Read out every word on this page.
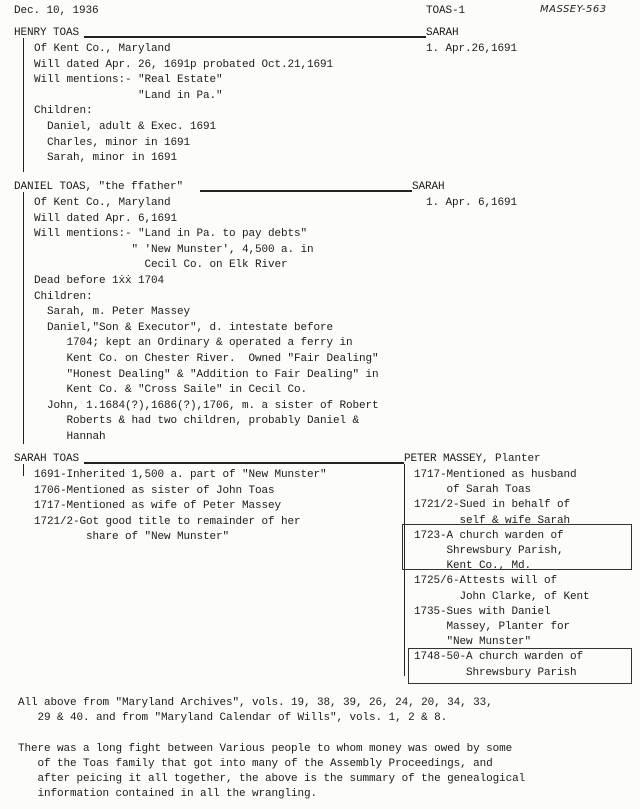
Dec. 10, 1936	TOAS-1	MASSEY-563
HENRY TOAS	SARAH
1. Apr.26,1691
Of Kent Co., Maryland
Will dated Apr. 26, 1691p probated Oct.21,1691
Will mentions:- "Real Estate"
"Land in Pa."
Children:
Daniel, adult & Exec. 1691
Charles, minor in 1691
Sarah, minor in 1691
DANIEL TOAS, "the ffather"	SARAH
1. Apr. 6,1691
Of Kent Co., Maryland
Will dated Apr. 6,1691
Will mentions:- "Land in Pa. to pay debts"
" 'New Munster', 4,500 a. in
Cecil Co. on Elk River
Dead before 1ẋẋ 1704
Children:
Sarah, m. Peter Massey
Daniel,"Son & Executor", d. intestate before
1704; kept an Ordinary & operated a ferry in
Kent Co. on Chester River.  Owned "Fair Dealing"
"Honest Dealing" & "Addition to Fair Dealing" in
Kent Co. & "Cross Saile" in Cecil Co.
John, 1.1684(?),1686(?),1706, m. a sister of Robert
Roberts & had two children, probably Daniel &
Hannah
SARAH TOAS	PETER MASSEY, Planter
1691-Inherited 1,500 a. part of "New Munster"
1706-Mentioned as sister of John Toas
1717-Mentioned as wife of Peter Massey
1721/2-Got good title to remainder of her
share of "New Munster"
1717-Mentioned as husband
of Sarah Toas
1721/2-Sued in behalf of
self & wife Sarah
1723-A church warden of
Shrewsbury Parish,
Kent Co., Md.
1725/6-Attests will of
John Clarke, of Kent
1735-Sues with Daniel
Massey, Planter for
"New Munster"
1748-50-A church warden of
Shrewsbury Parish
All above from "Maryland Archives", vols. 19, 38, 39, 26, 24, 20, 34, 33,
29 & 40. and from "Maryland Calendar of Wills", vols. 1, 2 & 8.
There was a long fight between Various people to whom money was owed by some
of the Toas family that got into many of the Assembly Proceedings, and
after peicing it all together, the above is the summary of the genealogical
information contained in all the wrangling.
